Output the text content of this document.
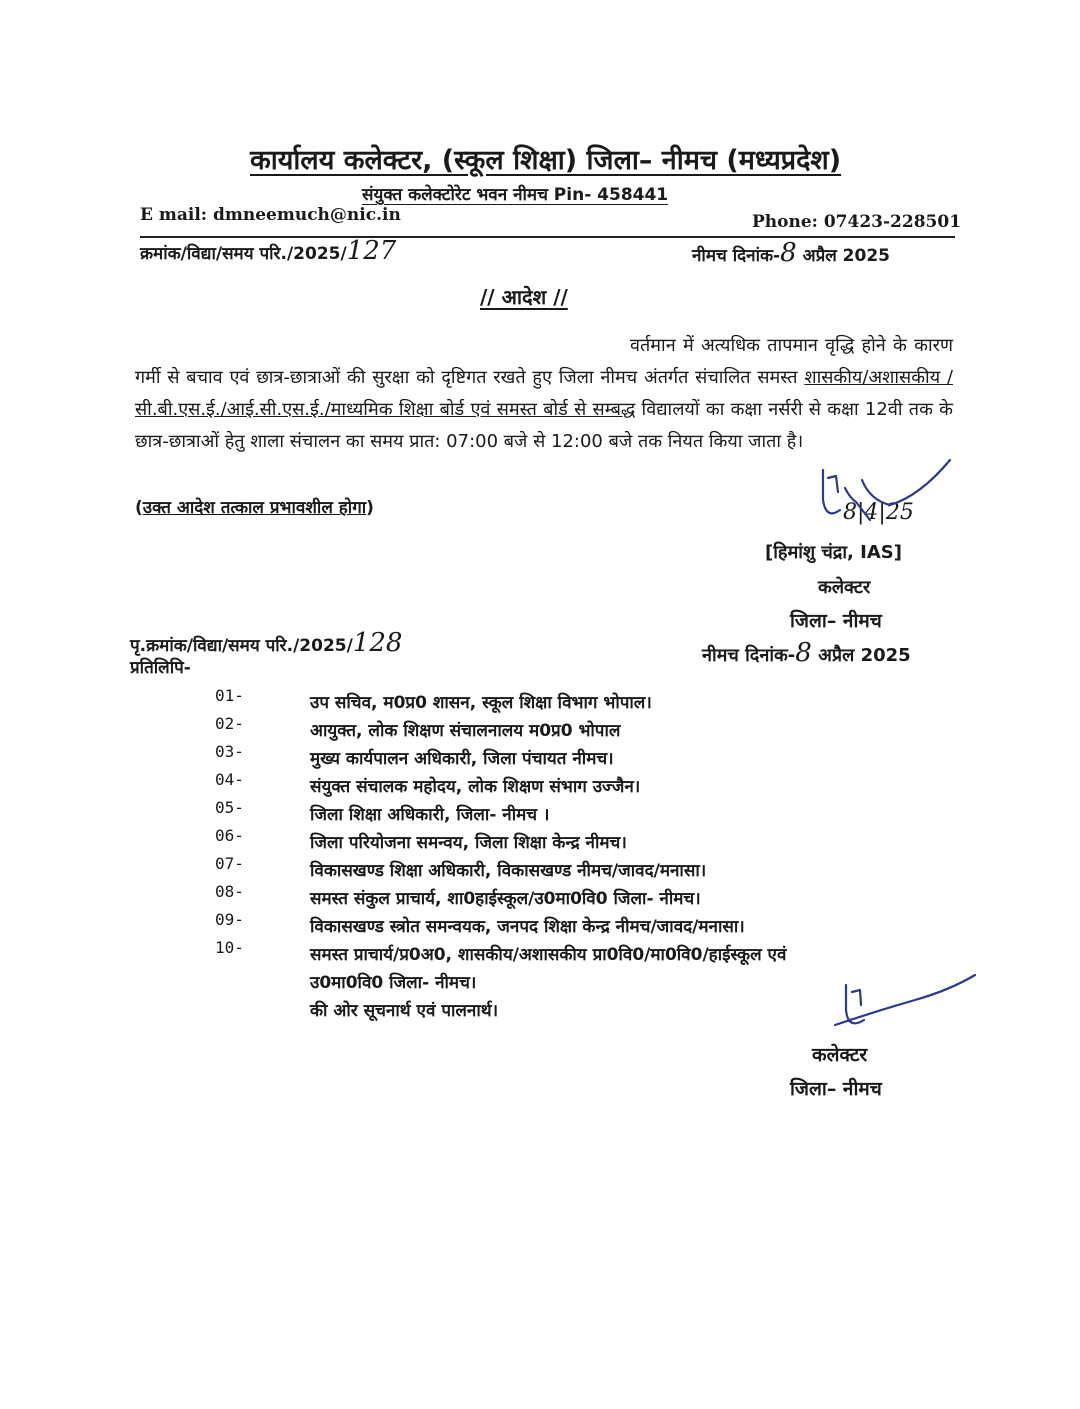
कार्यालय कलेक्टर, (स्कूल शिक्षा) जिला– नीमच (मध्यप्रदेश)
संयुक्त कलेक्टोरेट भवन नीमच Pin- 458441
E mail: dmneemuch@nic.in	Phone: 07423-228501
क्रमांक/विद्या/समय परि./2025/127	नीमच दिनांक-8 अप्रैल 2025
// आदेश //
वर्तमान में अत्यधिक तापमान वृद्धि होने के कारण गर्मी से बचाव एवं छात्र-छात्राओं की सुरक्षा को दृष्टिगत रखते हुए जिला नीमच अंतर्गत संचालित समस्त शासकीय/अशासकीय /सी.बी.एस.ई./आई.सी.एस.ई./माध्यमिक शिक्षा बोर्ड एवं समस्त बोर्ड से सम्बद्ध विद्यालयों का कक्षा नर्सरी से कक्षा 12वी तक के छात्र-छात्राओं हेतु शाला संचालन का समय प्रात: 07:00 बजे से 12:00 बजे तक नियत किया जाता है।
(उक्त आदेश तत्काल प्रभावशील होगा)	8|4|25
[हिमांशु चंद्रा, IAS]
कलेक्टर
जिला– नीमच
पृ.क्रमांक/विद्या/समय परि./2025/128	नीमच दिनांक-8 अप्रैल 2025
प्रतिलिपि-
01-	उप सचिव, म0प्र0 शासन, स्कूल शिक्षा विभाग भोपाल।
02-	आयुक्त, लोक शिक्षण संचालनालय म0प्र0 भोपाल
03-	मुख्य कार्यपालन अधिकारी, जिला पंचायत नीमच।
04-	संयुक्त संचालक महोदय, लोक शिक्षण संभाग उज्जैन।
05-	जिला शिक्षा अधिकारी, जिला- नीमच ।
06-	जिला परियोजना समन्वय, जिला शिक्षा केन्द्र नीमच।
07-	विकासखण्ड शिक्षा अधिकारी, विकासखण्ड नीमच/जावद/मनासा।
08-	समस्त संकुल प्राचार्य, शा0हाईस्कूल/उ0मा0वि0 जिला- नीमच।
09-	विकासखण्ड स्त्रोत समन्वयक, जनपद शिक्षा केन्द्र नीमच/जावद/मनासा।
10-	समस्त प्राचार्य/प्र0अ0, शासकीय/अशासकीय प्रा0वि0/मा0वि0/हाईस्कूल एवं
उ0मा0वि0 जिला- नीमच।
की ओर सूचनार्थ एवं पालनार्थ।
कलेक्टर
जिला– नीमच
